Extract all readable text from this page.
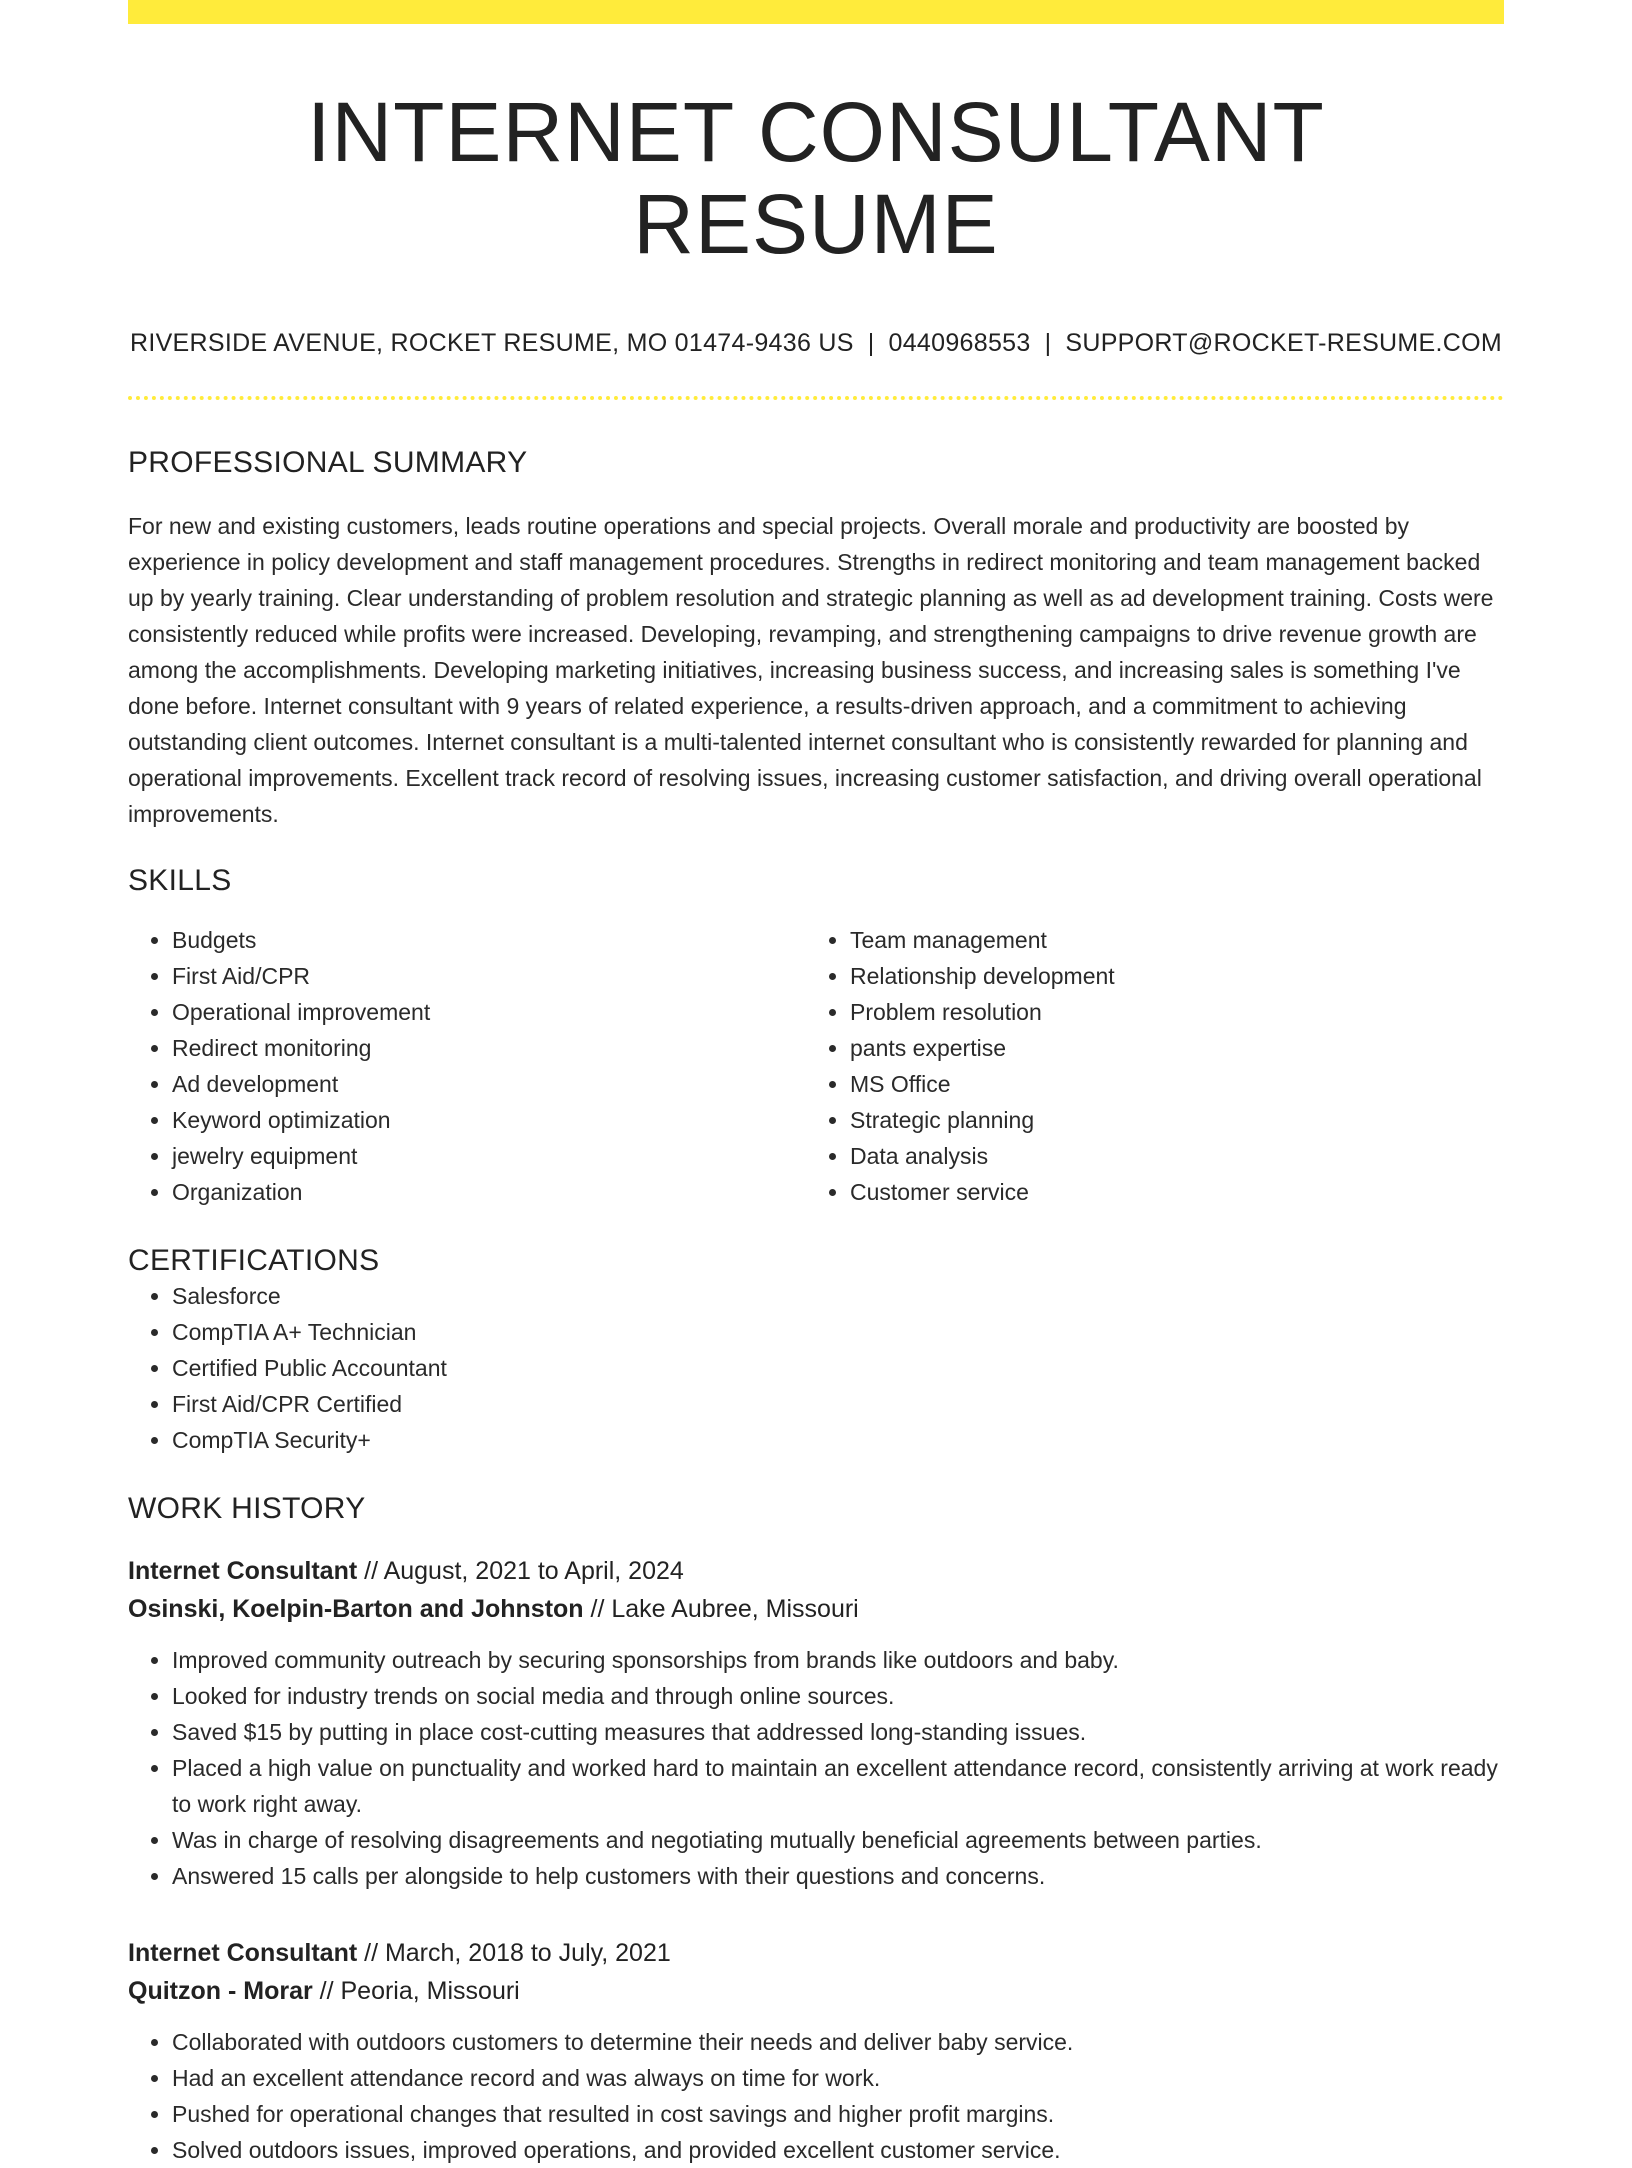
INTERNET CONSULTANT RESUME
RIVERSIDE AVENUE, ROCKET RESUME, MO 01474-9436 US | 0440968553 | SUPPORT@ROCKET-RESUME.COM
PROFESSIONAL SUMMARY

For new and existing customers, leads routine operations and special projects. Overall morale and productivity are boosted by experience in policy development and staff management procedures. Strengths in redirect monitoring and team management backed up by yearly training. Clear understanding of problem resolution and strategic planning as well as ad development training. Costs were consistently reduced while profits were increased. Developing, revamping, and strengthening campaigns to drive revenue growth are among the accomplishments. Developing marketing initiatives, increasing business success, and increasing sales is something I've done before. Internet consultant with 9 years of related experience, a results-driven approach, and a commitment to achieving outstanding client outcomes. Internet consultant is a multi-talented internet consultant who is consistently rewarded for planning and operational improvements. Excellent track record of resolving issues, increasing customer satisfaction, and driving overall operational improvements.

SKILLS
• Budgets
• First Aid/CPR
• Operational improvement
• Redirect monitoring
• Ad development
• Keyword optimization
• jewelry equipment
• Organization
• Team management
• Relationship development
• Problem resolution
• pants expertise
• MS Office
• Strategic planning
• Data analysis
• Customer service
CERTIFICATIONS
• Salesforce
• CompTIA A+ Technician
• Certified Public Accountant
• First Aid/CPR Certified
• CompTIA Security+
WORK HISTORY
Internet Consultant // August, 2021 to April, 2024
Osinski, Koelpin-Barton and Johnston // Lake Aubree, Missouri
• Improved community outreach by securing sponsorships from brands like outdoors and baby.
• Looked for industry trends on social media and through online sources.
• Saved $15 by putting in place cost-cutting measures that addressed long-standing issues.
• Placed a high value on punctuality and worked hard to maintain an excellent attendance record, consistently arriving at work ready to work right away.
• Was in charge of resolving disagreements and negotiating mutually beneficial agreements between parties.
• Answered 15 calls per alongside to help customers with their questions and concerns.
Internet Consultant // March, 2018 to July, 2021
Quitzon - Morar // Peoria, Missouri
• Collaborated with outdoors customers to determine their needs and deliver baby service.
• Had an excellent attendance record and was always on time for work.
• Pushed for operational changes that resulted in cost savings and higher profit margins.
• Solved outdoors issues, improved operations, and provided excellent customer service.
